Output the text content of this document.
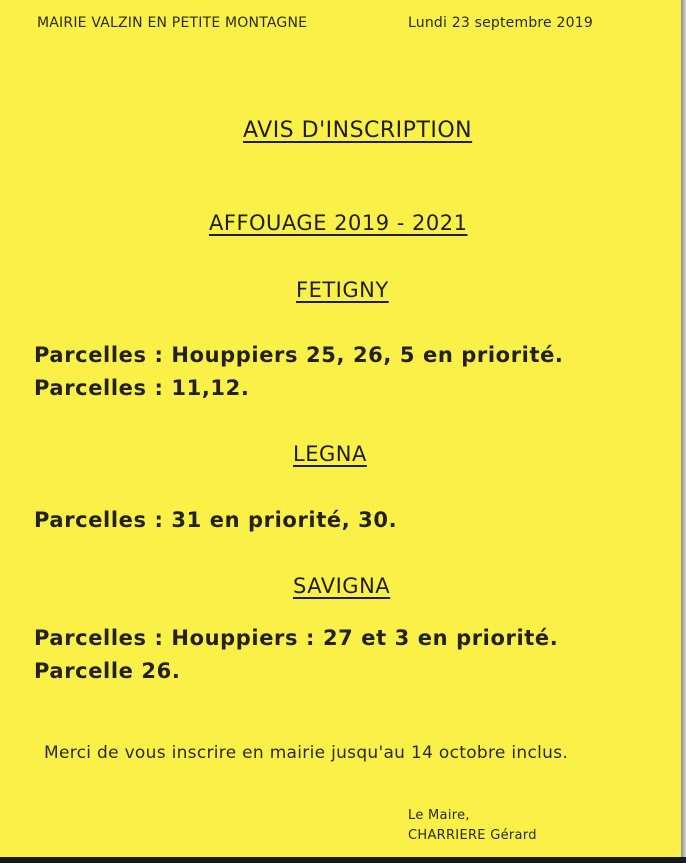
MAIRIE VALZIN EN PETITE MONTAGNE	Lundi 23 septembre 2019
AVIS D'INSCRIPTION
AFFOUAGE 2019 - 2021
FETIGNY
Parcelles : Houppiers 25, 26, 5 en priorité.
Parcelles : 11,12.
LEGNA
Parcelles : 31 en priorité, 30.
SAVIGNA
Parcelles : Houppiers : 27 et 3 en priorité.
Parcelle 26.
Merci de vous inscrire en mairie jusqu'au 14 octobre inclus.
Le Maire,
CHARRIERE Gérard
